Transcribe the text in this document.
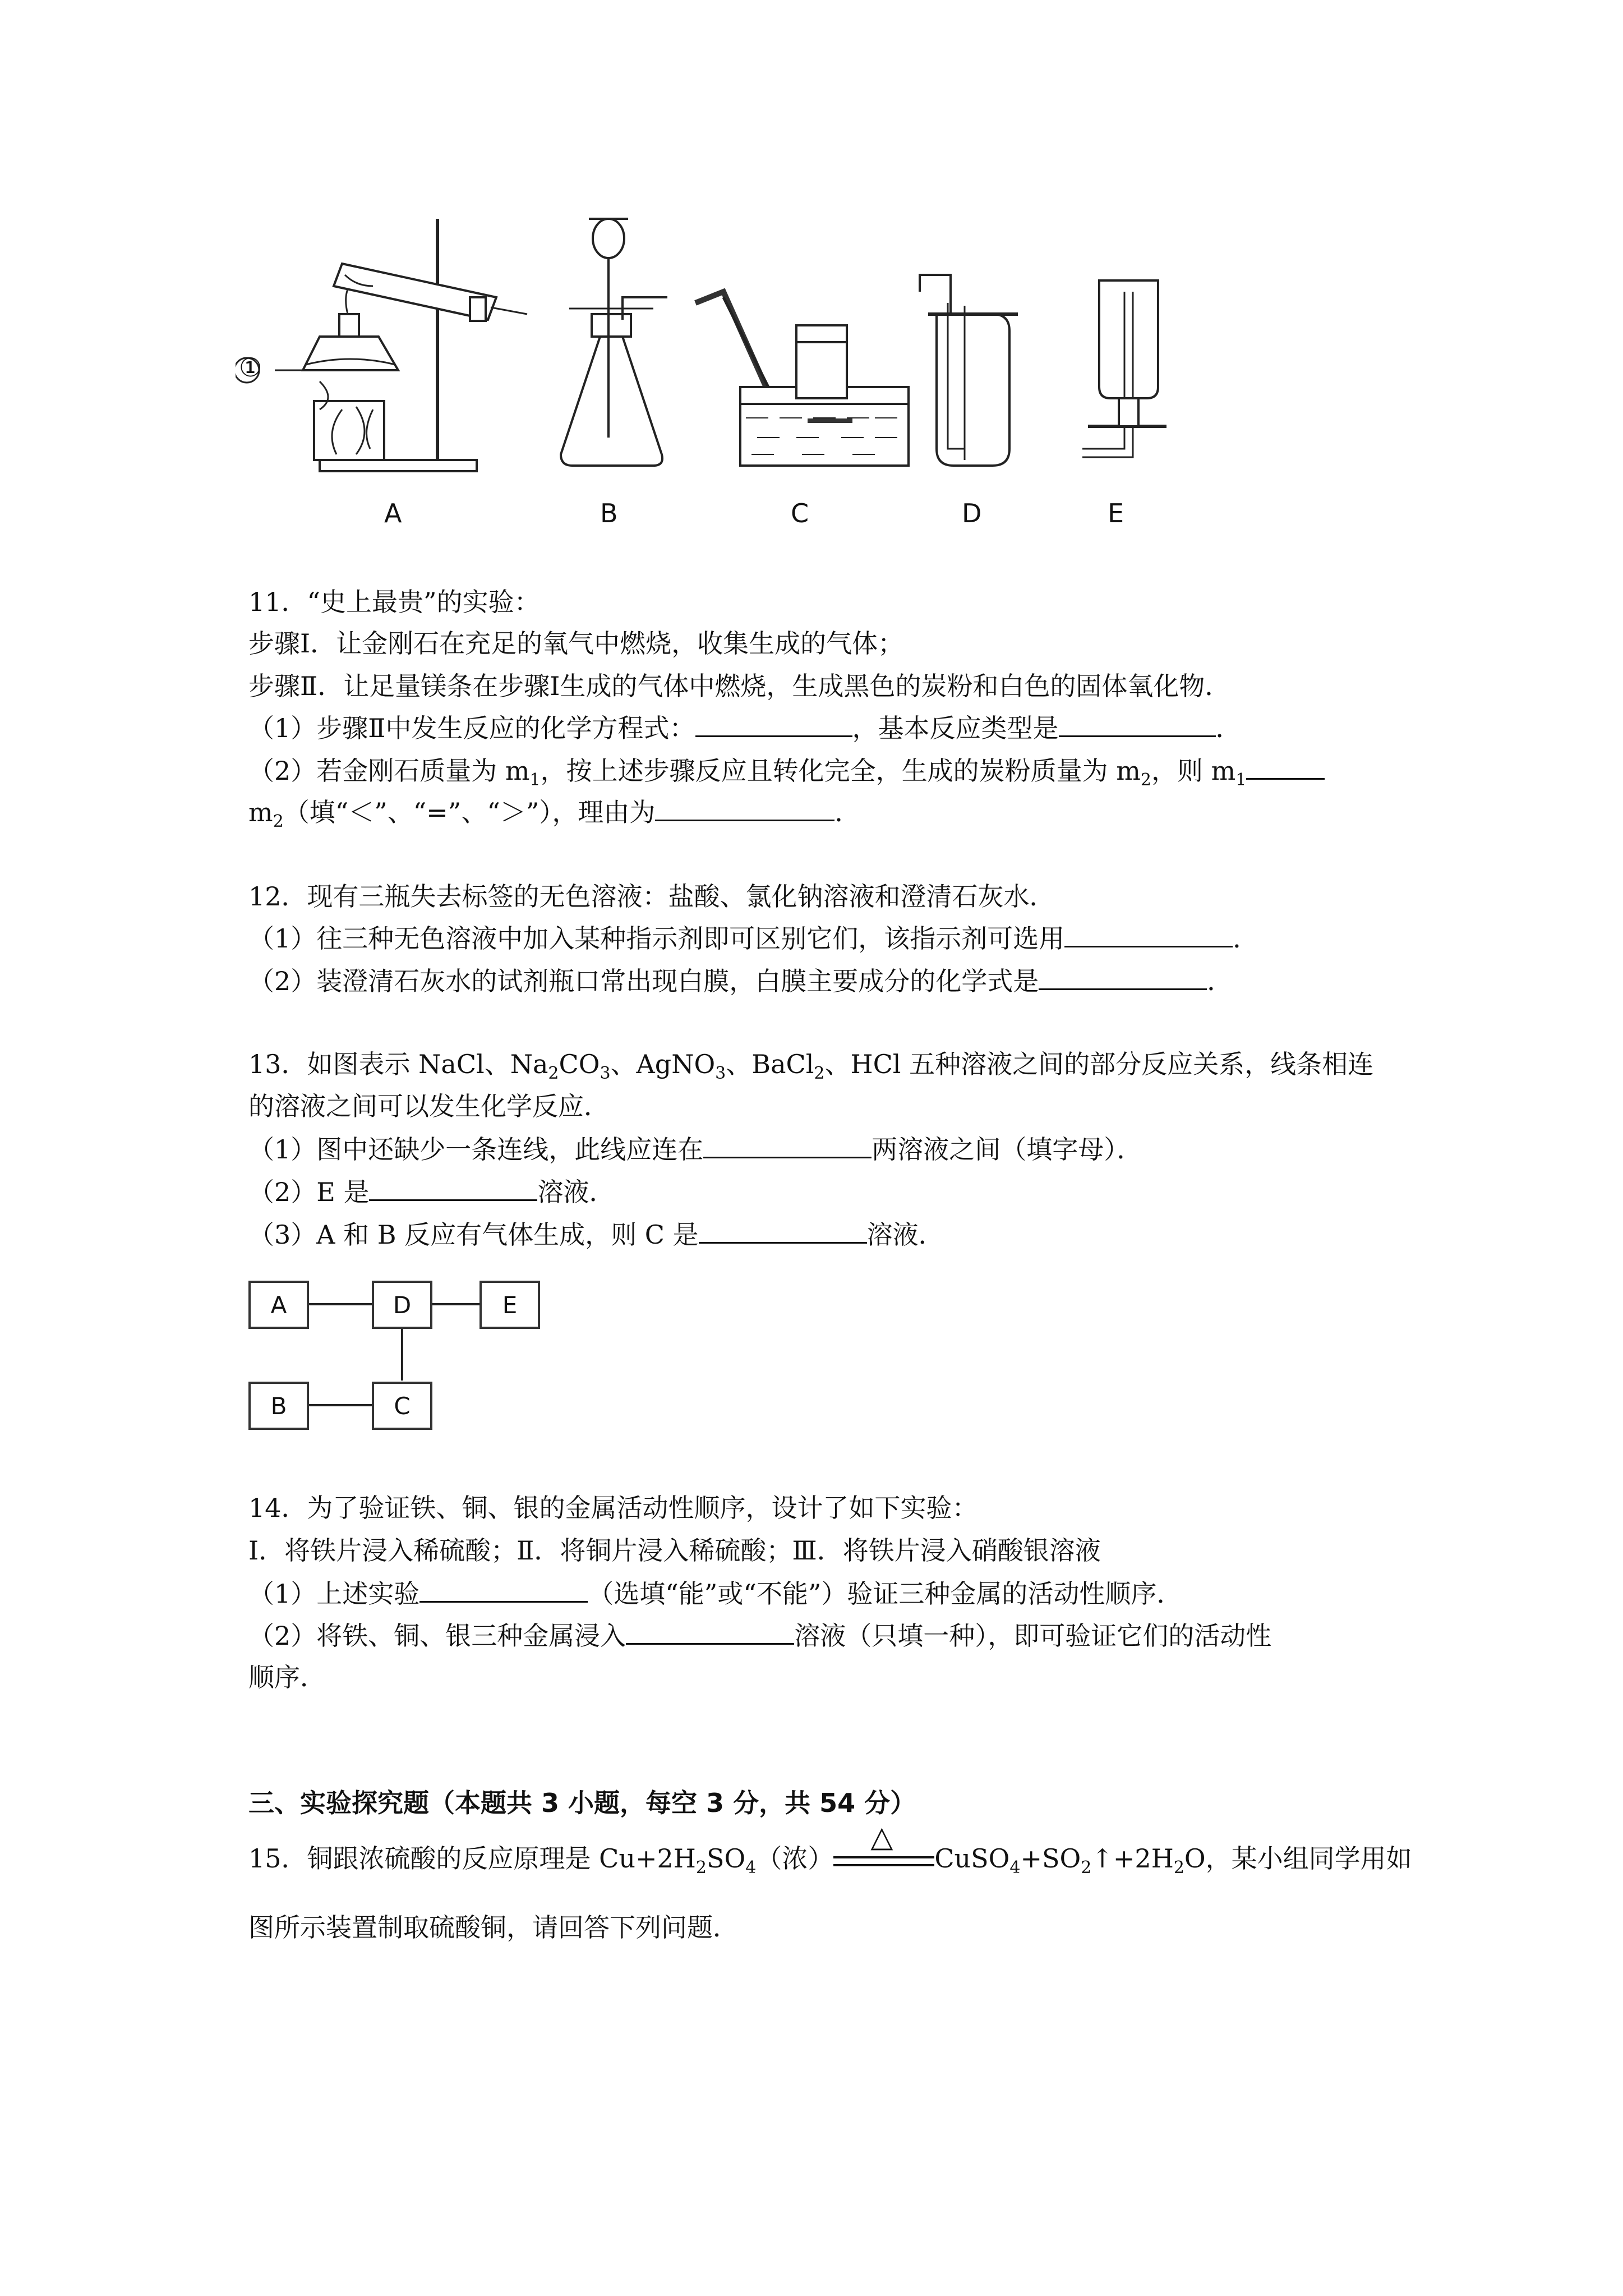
①
A	B	C	D	E
11．“史上最贵”的实验：
步骤Ⅰ．让金刚石在充足的氧气中燃烧，收集生成的气体；
步骤Ⅱ．让足量镁条在步骤Ⅰ生成的气体中燃烧，生成黑色的炭粉和白色的固体氧化物．
（1）步骤Ⅱ中发生反应的化学方程式：	，基本反应类型是	．
（2）若金刚石质量为 $m_1$，按上述步骤反应且转化完全，生成的炭粉质量为 $m_2$，则 $m_1$
$m_2$（填“＜”、“=”、“＞”），理由为	．
12．现有三瓶失去标签的无色溶液：盐酸、氯化钠溶液和澄清石灰水．
（1）往三种无色溶液中加入某种指示剂即可区别它们，该指示剂可选用	．
（2）装澄清石灰水的试剂瓶口常出现白膜，白膜主要成分的化学式是	．
13．如图表示 NaCl、$Na_2CO_3$、AgNO$_3$、BaCl$_2$、HCl 五种溶液之间的部分反应关系，线条相连
的溶液之间可以发生化学反应．
（1）图中还缺少一条连线，此线应连在	两溶液之间（填字母）．
（2）E 是	溶液．
（3）A 和 B 反应有气体生成，则 C 是	溶液．
A	D	E
B	C
14．为了验证铁、铜、银的金属活动性顺序，设计了如下实验：
Ⅰ．将铁片浸入稀硫酸；Ⅱ．将铜片浸入稀硫酸；Ⅲ．将铁片浸入硝酸银溶液
（1）上述实验	（选填“能”或“不能”）验证三种金属的活动性顺序．
（2）将铁、铜、银三种金属浸入	溶液（只填一种），即可验证它们的活动性
顺序．
三、实验探究题（本题共 3 小题，每空 3 分，共 54 分）
15．铜跟浓硫酸的反应原理是 $Cu+2H_2SO_4$（浓）
△
$CuSO_4+SO_2↑+2H_2O$，某小组同学用如
图所示装置制取硫酸铜，请回答下列问题．
